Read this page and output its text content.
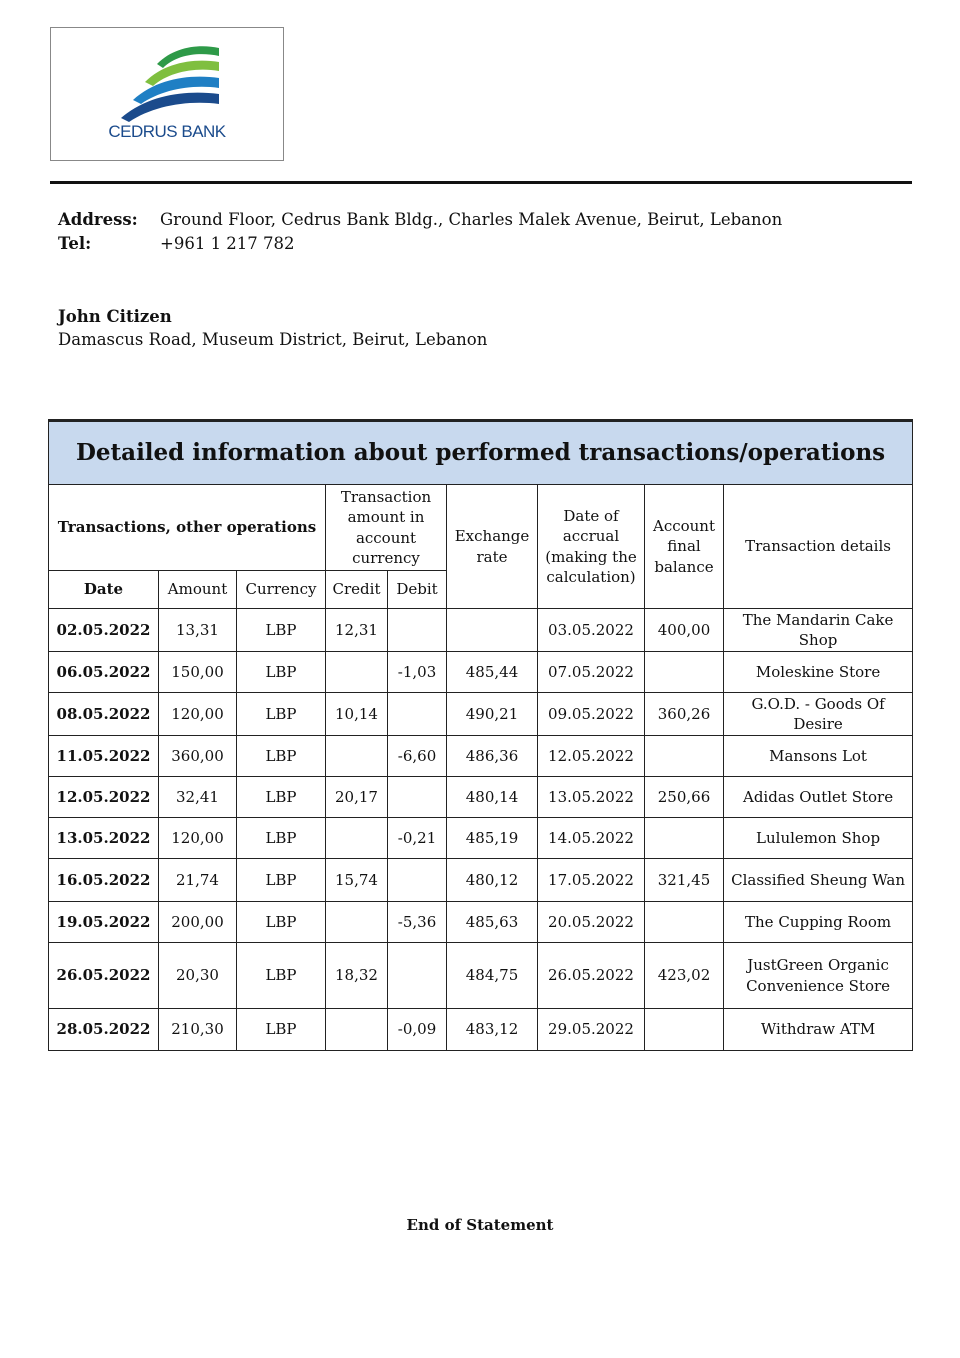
CEDRUS BANK
Address:	Ground Floor, Cedrus Bank Bldg., Charles Malek Avenue, Beirut, Lebanon
Tel:	+961 1 217 782
John Citizen
Damascus Road, Museum District, Beirut, Lebanon
Detailed information about performed transactions/operations								
Transactions, other operations			Transaction amount in account currency		Exchange rate	Date of accrual (making the calculation)	Account final balance	Transaction details
Date	Amount	Currency	Credit	Debit				
02.05.2022	13,31	LBP	12,31			03.05.2022	400,00	The Mandarin Cake Shop
06.05.2022	150,00	LBP		-1,03	485,44	07.05.2022		Moleskine Store
08.05.2022	120,00	LBP	10,14		490,21	09.05.2022	360,26	G.O.D. - Goods Of Desire
11.05.2022	360,00	LBP		-6,60	486,36	12.05.2022		Mansons Lot
12.05.2022	32,41	LBP	20,17		480,14	13.05.2022	250,66	Adidas Outlet Store
13.05.2022	120,00	LBP		-0,21	485,19	14.05.2022		Lululemon Shop
16.05.2022	21,74	LBP	15,74		480,12	17.05.2022	321,45	Classified Sheung Wan
19.05.2022	200,00	LBP		-5,36	485,63	20.05.2022		The Cupping Room
26.05.2022	20,30	LBP	18,32		484,75	26.05.2022	423,02	JustGreen Organic Convenience Store
28.05.2022	210,30	LBP		-0,09	483,12	29.05.2022		Withdraw ATM
End of Statement
